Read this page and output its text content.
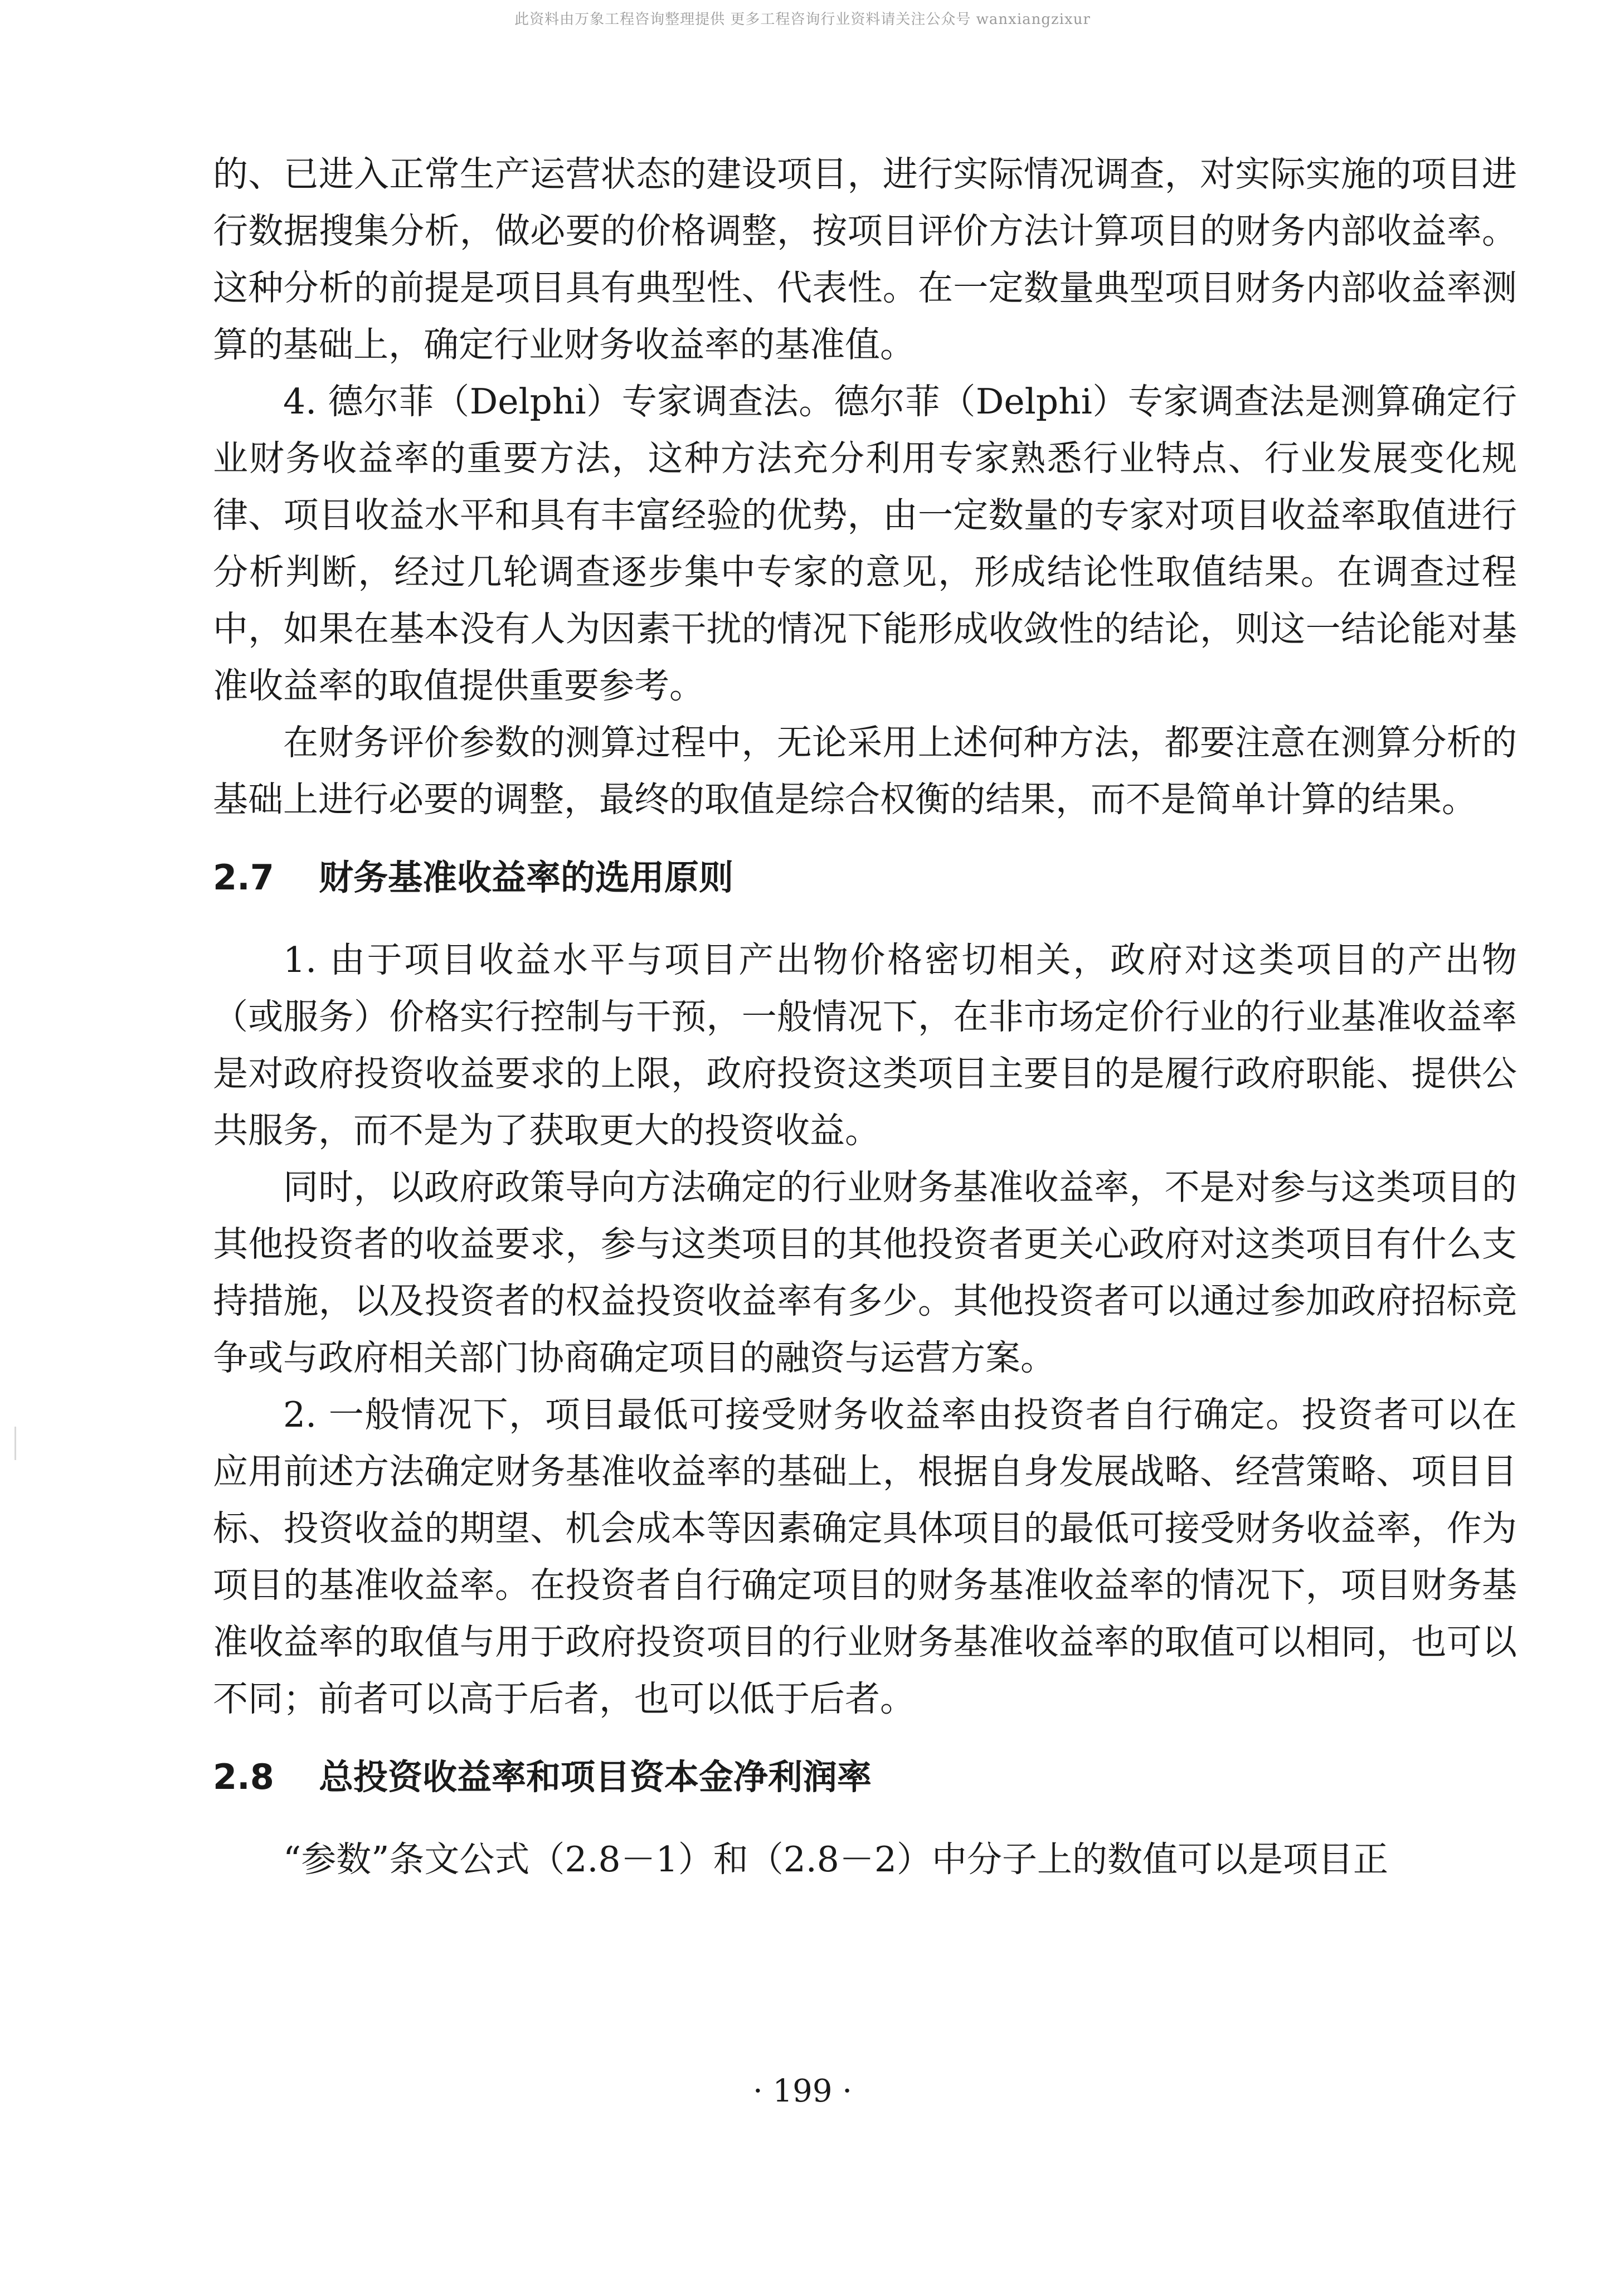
此资料由万象工程咨询整理提供 更多工程咨询行业资料请关注公众号 wanxiangzixur

的、已进入正常生产运营状态的建设项目，进行实际情况调查，对实际实施的项目进行数据搜集分析，做必要的价格调整，按项目评价方法计算项目的财务内部收益率。这种分析的前提是项目具有典型性、代表性。在一定数量典型项目财务内部收益率测算的基础上，确定行业财务收益率的基准值。

4. 德尔菲（Delphi）专家调查法。德尔菲（Delphi）专家调查法是测算确定行业财务收益率的重要方法，这种方法充分利用专家熟悉行业特点、行业发展变化规律、项目收益水平和具有丰富经验的优势，由一定数量的专家对项目收益率取值进行分析判断，经过几轮调查逐步集中专家的意见，形成结论性取值结果。在调查过程中，如果在基本没有人为因素干扰的情况下能形成收敛性的结论，则这一结论能对基准收益率的取值提供重要参考。

在财务评价参数的测算过程中，无论采用上述何种方法，都要注意在测算分析的基础上进行必要的调整，最终的取值是综合权衡的结果，而不是简单计算的结果。

2.7 财务基准收益率的选用原则

1. 由于项目收益水平与项目产出物价格密切相关，政府对这类项目的产出物（或服务）价格实行控制与干预，一般情况下，在非市场定价行业的行业基准收益率是对政府投资收益要求的上限，政府投资这类项目主要目的是履行政府职能、提供公共服务，而不是为了获取更大的投资收益。

同时，以政府政策导向方法确定的行业财务基准收益率，不是对参与这类项目的其他投资者的收益要求，参与这类项目的其他投资者更关心政府对这类项目有什么支持措施，以及投资者的权益投资收益率有多少。其他投资者可以通过参加政府招标竞争或与政府相关部门协商确定项目的融资与运营方案。

2. 一般情况下，项目最低可接受财务收益率由投资者自行确定。投资者可以在应用前述方法确定财务基准收益率的基础上，根据自身发展战略、经营策略、项目目标、投资收益的期望、机会成本等因素确定具体项目的最低可接受财务收益率，作为项目的基准收益率。在投资者自行确定项目的财务基准收益率的情况下，项目财务基准收益率的取值与用于政府投资项目的行业财务基准收益率的取值可以相同，也可以不同；前者可以高于后者，也可以低于后者。

2.8 总投资收益率和项目资本金净利润率

“参数”条文公式（2.8－1）和（2.8－2）中分子上的数值可以是项目正

· 199 ·
